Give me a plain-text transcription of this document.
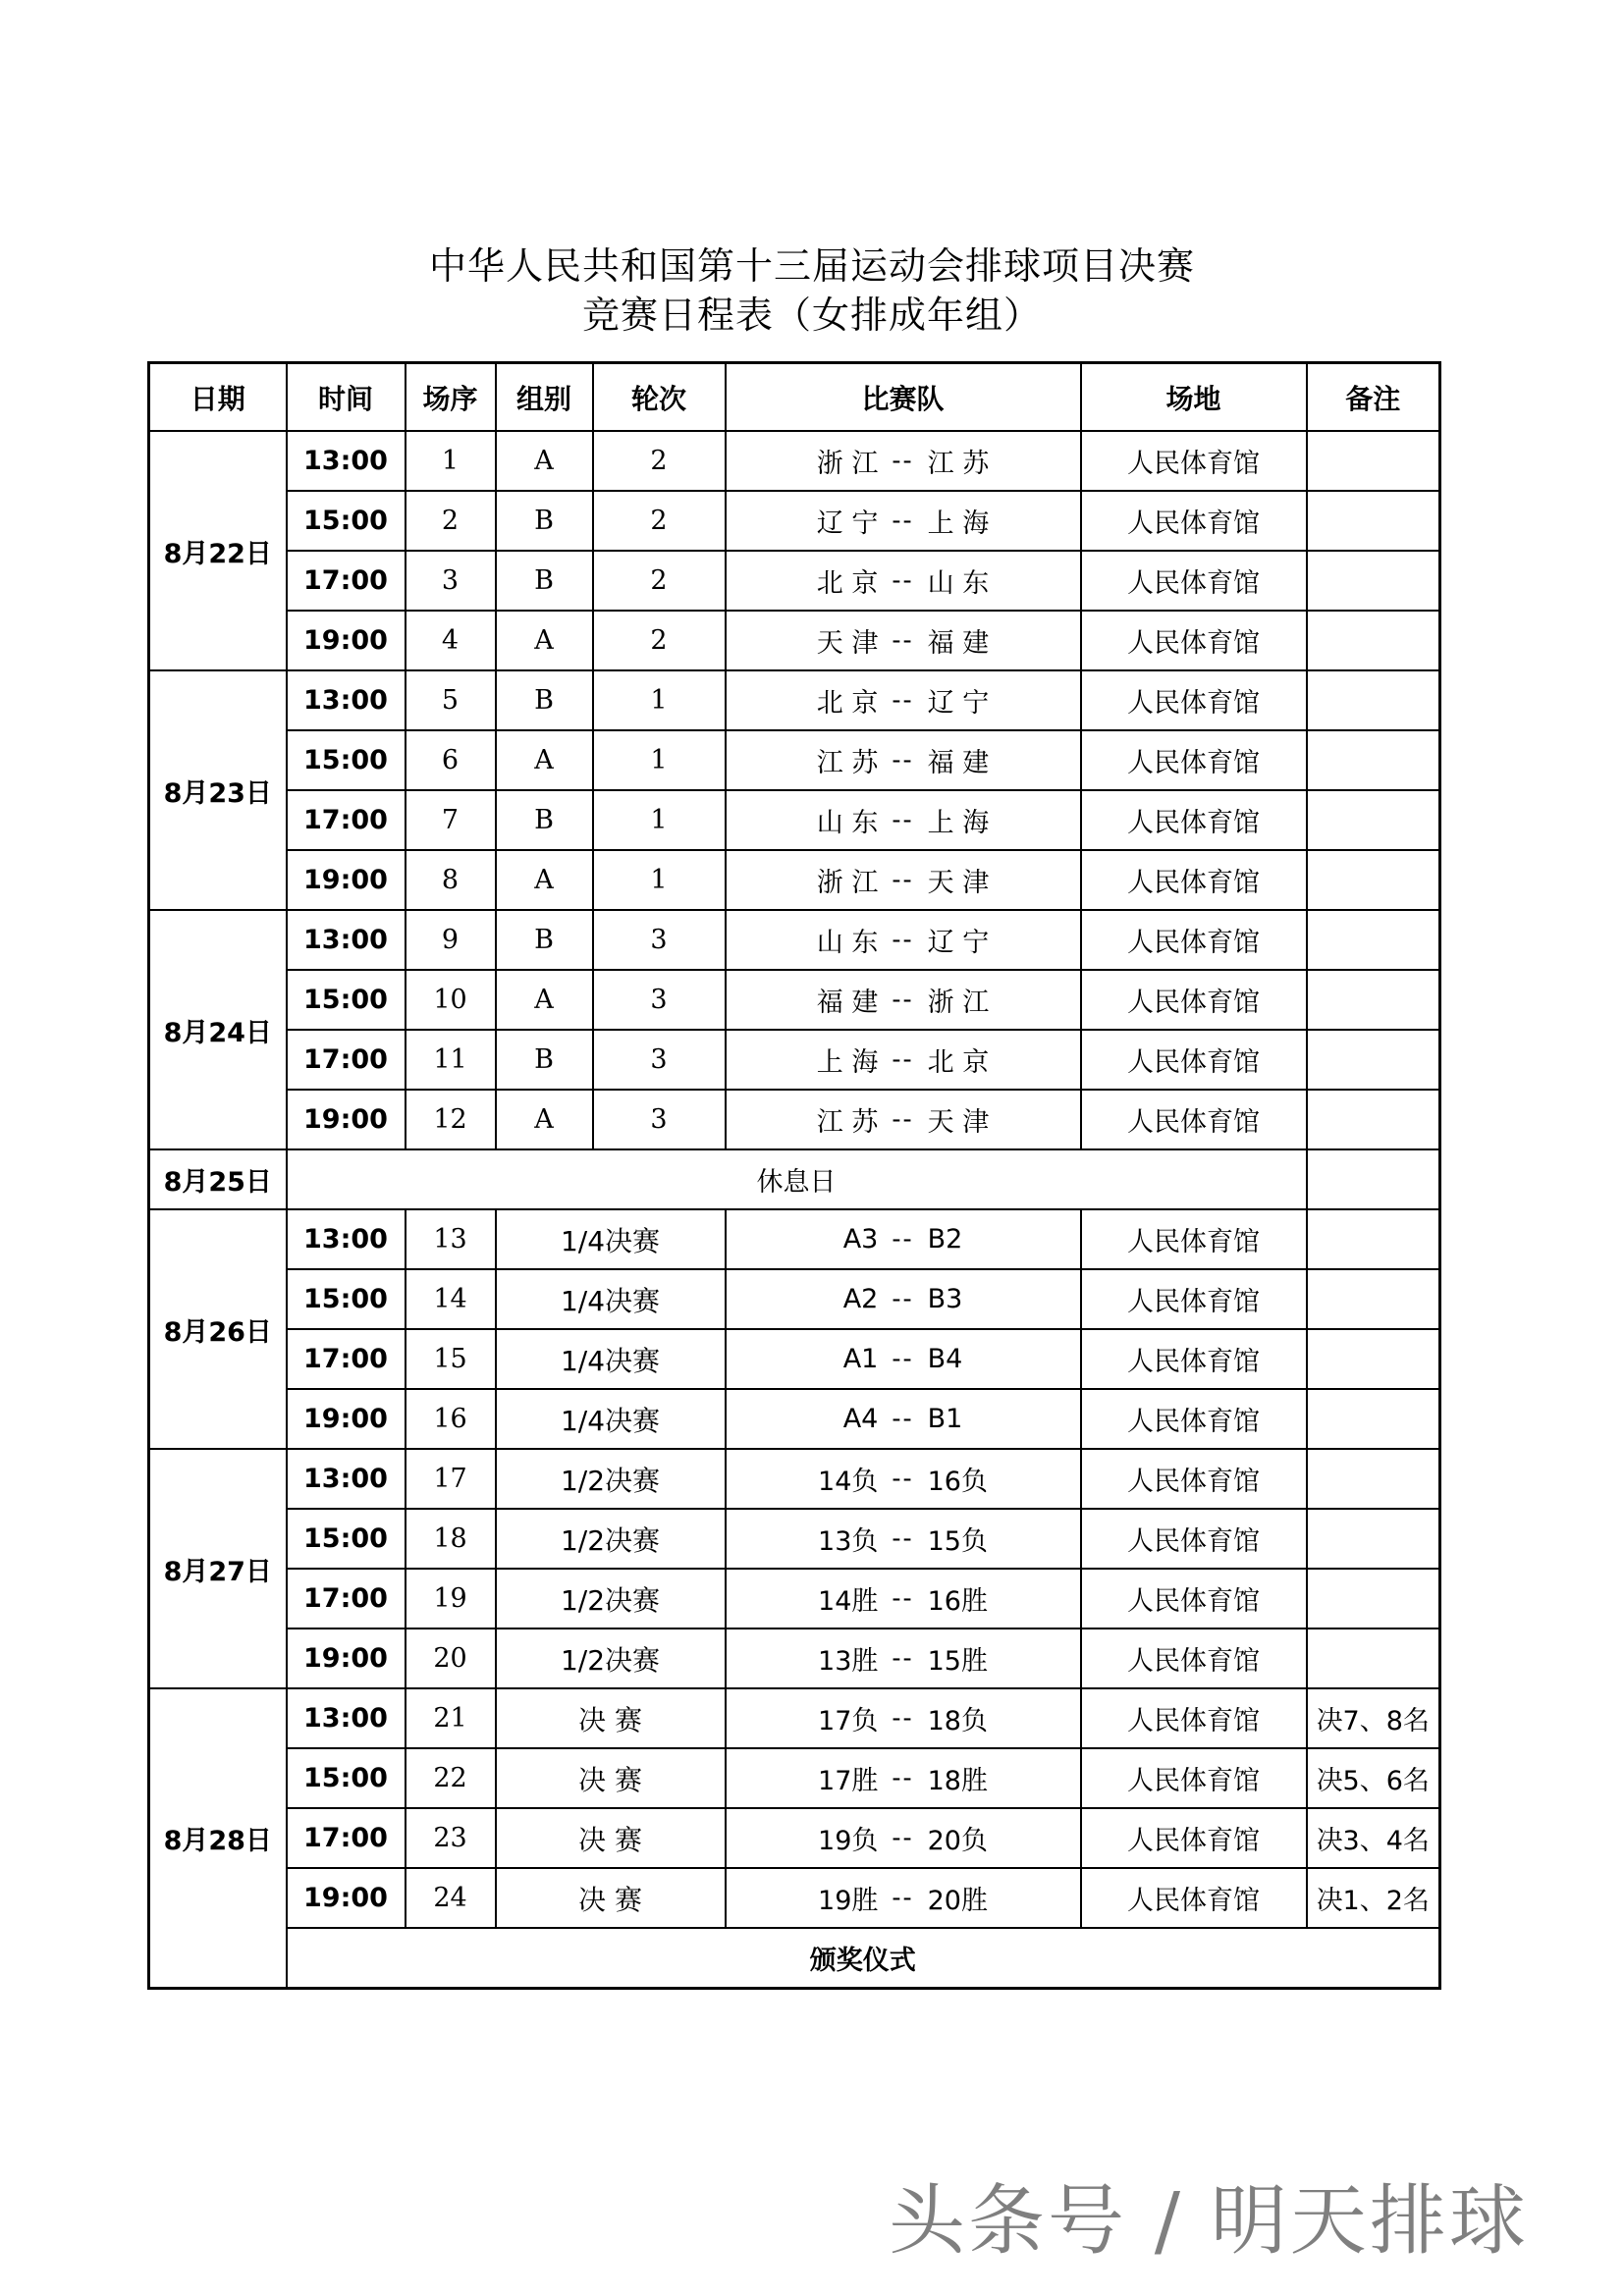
中华人民共和国第十三届运动会排球项目决赛
竞赛日程表（女排成年组）
日期	时间	场序	组别	轮次	比赛队	场地	备注
8月22日	13:00	1	A	2	浙 江 -- 江 苏	人民体育馆	
	15:00	2	B	2	辽 宁 -- 上 海	人民体育馆	
	17:00	3	B	2	北 京 -- 山 东	人民体育馆	
	19:00	4	A	2	天 津 -- 福 建	人民体育馆	
8月23日	13:00	5	B	1	北 京 -- 辽 宁	人民体育馆	
	15:00	6	A	1	江 苏 -- 福 建	人民体育馆	
	17:00	7	B	1	山 东 -- 上 海	人民体育馆	
	19:00	8	A	1	浙 江 -- 天 津	人民体育馆	
8月24日	13:00	9	B	3	山 东 -- 辽 宁	人民体育馆	
	15:00	10	A	3	福 建 -- 浙 江	人民体育馆	
	17:00	11	B	3	上 海 -- 北 京	人民体育馆	
	19:00	12	A	3	江 苏 -- 天 津	人民体育馆	
8月25日	休息日						
8月26日	13:00	13	1/4决赛		A3 -- B2	人民体育馆	
	15:00	14	1/4决赛		A2 -- B3	人民体育馆	
	17:00	15	1/4决赛		A1 -- B4	人民体育馆	
	19:00	16	1/4决赛		A4 -- B1	人民体育馆	
8月27日	13:00	17	1/2决赛		14负 -- 16负	人民体育馆	
	15:00	18	1/2决赛		13负 -- 15负	人民体育馆	
	17:00	19	1/2决赛		14胜 -- 16胜	人民体育馆	
	19:00	20	1/2决赛		13胜 -- 15胜	人民体育馆	
8月28日	13:00	21	决 赛		17负 -- 18负	人民体育馆	决7、8名
	15:00	22	决 赛		17胜 -- 18胜	人民体育馆	决5、6名
	17:00	23	决 赛		19负 -- 20负	人民体育馆	决3、4名
	19:00	24	决 赛		19胜 -- 20胜	人民体育馆	决1、2名
	颁奖仪式						
头条号 / 明天排球
